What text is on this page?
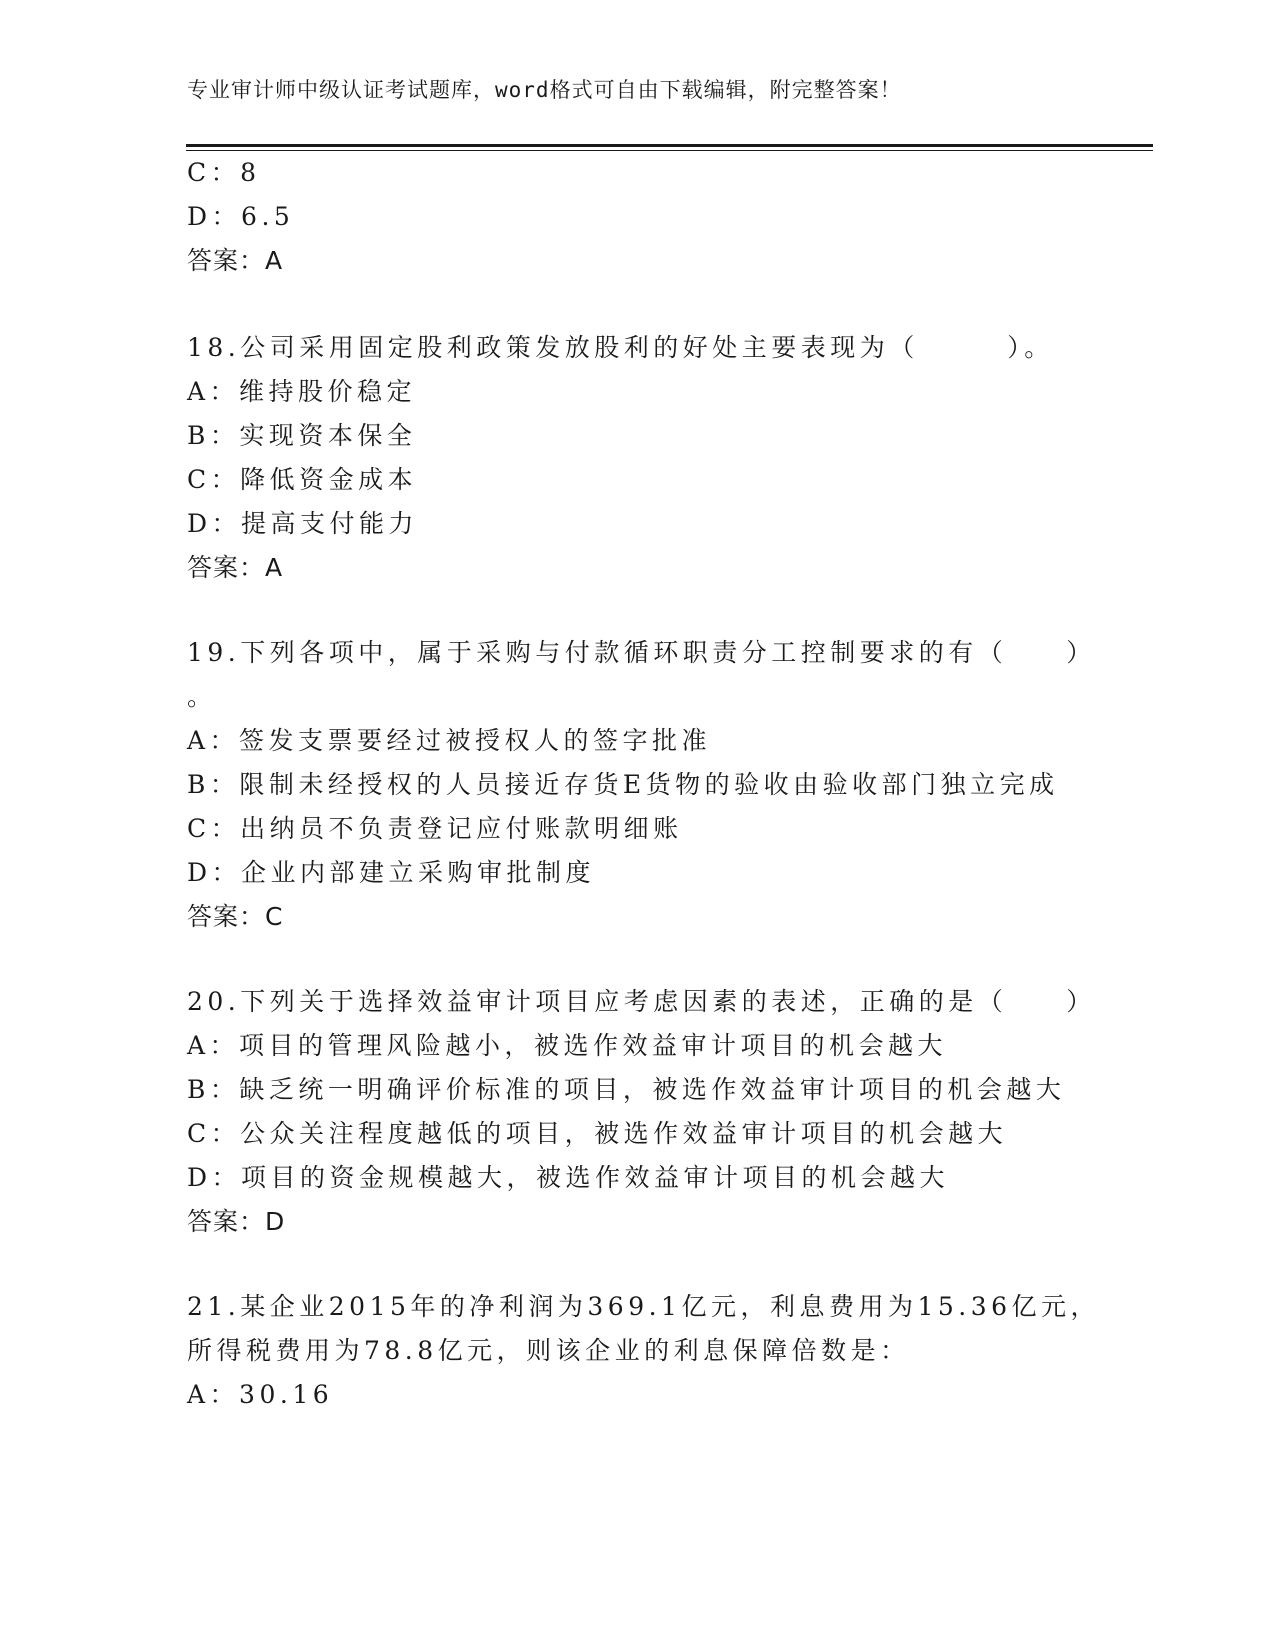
专业审计师中级认证考试题库，word格式可自由下载编辑，附完整答案！
C：8
D：6.5
答案：A
18.公司采用固定股利政策发放股利的好处主要表现为（　　　）。
A：维持股价稳定
B：实现资本保全
C：降低资金成本
D：提高支付能力
答案：A
19.下列各项中，属于采购与付款循环职责分工控制要求的有（　　）
。
A：签发支票要经过被授权人的签字批准
B：限制未经授权的人员接近存货E货物的验收由验收部门独立完成
C：出纳员不负责登记应付账款明细账
D：企业内部建立采购审批制度
答案：C
20.下列关于选择效益审计项目应考虑因素的表述，正确的是（　　）
A：项目的管理风险越小，被选作效益审计项目的机会越大
B：缺乏统一明确评价标准的项目，被选作效益审计项目的机会越大
C：公众关注程度越低的项目，被选作效益审计项目的机会越大
D：项目的资金规模越大，被选作效益审计项目的机会越大
答案：D
21.某企业2015年的净利润为369.1亿元，利息费用为15.36亿元，
所得税费用为78.8亿元，则该企业的利息保障倍数是：
A：30.16
